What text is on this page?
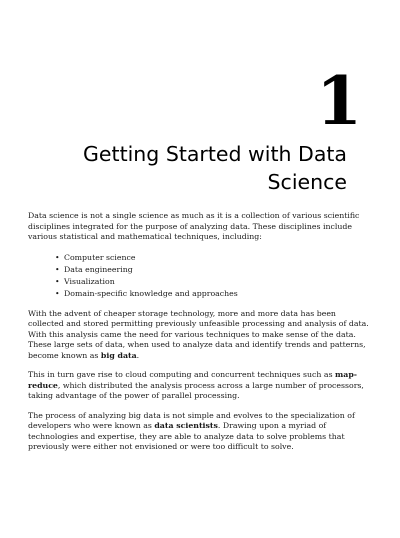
1
Getting Started with Data
Science

Data science is not a single science as much as it is a collection of various scientific disciplines integrated for the purpose of analyzing data. These disciplines include various statistical and mathematical techniques, including:

• Computer science
• Data engineering
• Visualization
• Domain-specific knowledge and approaches

With the advent of cheaper storage technology, more and more data has been collected and stored permitting previously unfeasible processing and analysis of data. With this analysis came the need for various techniques to make sense of the data. These large sets of data, when used to analyze data and identify trends and patterns, become known as big data.

This in turn gave rise to cloud computing and concurrent techniques such as map-reduce, which distributed the analysis process across a large number of processors, taking advantage of the power of parallel processing.

The process of analyzing big data is not simple and evolves to the specialization of developers who were known as data scientists. Drawing upon a myriad of technologies and expertise, they are able to analyze data to solve problems that previously were either not envisioned or were too difficult to solve.
